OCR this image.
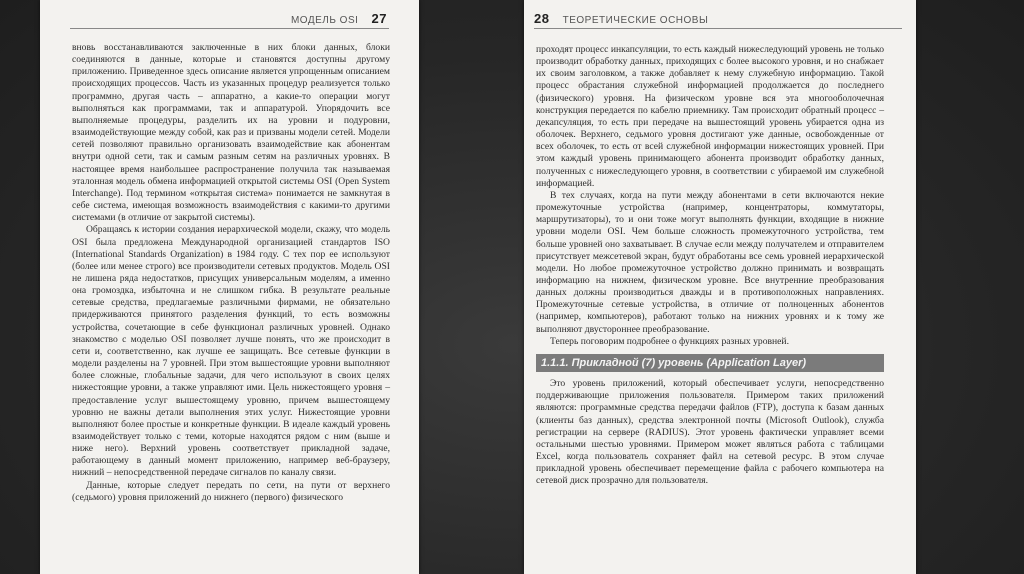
МОДЕЛЬ OSI 27

вновь восстанавливаются заключенные в них блоки данных, блоки соединяются в данные, которые и становятся доступны другому приложению. Приведенное здесь описание является упрощенным описанием происходящих процессов. Часть из указанных процедур реализуется только программно, другая часть – аппаратно, а какие-то операции могут выполняться как программами, так и аппаратурой. Упорядочить все выполняемые процедуры, разделить их на уровни и подуровни, взаимодействующие между собой, как раз и призваны модели сетей. Модели сетей позволяют правильно организовать взаимодействие как абонентам внутри одной сети, так и самым разным сетям на различных уровнях. В настоящее время наибольшее распространение получила так называемая эталонная модель обмена информацией открытой системы OSI (Open System Interchange). Под термином «открытая система» понимается не замкнутая в себе система, имеющая возможность взаимодействия с какими-то другими системами (в отличие от закрытой системы).

Обращаясь к истории создания иерархической модели, скажу, что модель OSI была предложена Международной организацией стандартов ISO (International Standards Organization) в 1984 году. С тех пор ее используют (более или менее строго) все производители сетевых продуктов. Модель OSI не лишена ряда недостатков, присущих универсальным моделям, а именно она громоздка, избыточна и не слишком гибка. В результате реальные сетевые средства, предлагаемые различными фирмами, не обязательно придерживаются принятого разделения функций, то есть возможны устройства, сочетающие в себе функционал различных уровней. Однако знакомство с моделью OSI позволяет лучше понять, что же происходит в сети и, соответственно, как лучше ее защищать. Все сетевые функции в модели разделены на 7 уровней. При этом вышестоящие уровни выполняют более сложные, глобальные задачи, для чего используют в своих целях нижестоящие уровни, а также управляют ими. Цель нижестоящего уровня – предоставление услуг вышестоящему уровню, причем вышестоящему уровню не важны детали выполнения этих услуг. Нижестоящие уровни выполняют более простые и конкретные функции. В идеале каждый уровень взаимодействует только с теми, которые находятся рядом с ним (выше и ниже него). Верхний уровень соответствует прикладной задаче, работающему в данный момент приложению, например веб-браузеру, нижний – непосредственной передаче сигналов по каналу связи.

Данные, которые следует передать по сети, на пути от верхнего (седьмого) уровня приложений до нижнего (первого) физического

28 ТЕОРЕТИЧЕСКИЕ ОСНОВЫ

проходят процесс инкапсуляции, то есть каждый нижеследующий уровень не только производит обработку данных, приходящих с более высокого уровня, и но снабжает их своим заголовком, а также добавляет к нему служебную информацию. Такой процесс обрастания служебной информацией продолжается до последнего (физического) уровня. На физическом уровне вся эта многооболочечная конструкция передается по кабелю приемнику. Там происходит обратный процесс – декапсуляция, то есть при передаче на вышестоящий уровень убирается одна из оболочек. Верхнего, седьмого уровня достигают уже данные, освобожденные от всех оболочек, то есть от всей служебной информации нижестоящих уровней. При этом каждый уровень принимающего абонента производит обработку данных, полученных с нижеследующего уровня, в соответствии с убираемой им служебной информацией.

В тех случаях, когда на пути между абонентами в сети включаются некие промежуточные устройства (например, концентраторы, коммутаторы, маршрутизаторы), то и они тоже могут выполнять функции, входящие в нижние уровни модели OSI. Чем больше сложность промежуточного устройства, тем больше уровней оно захватывает. В случае если между получателем и отправителем присутствует межсетевой экран, будут обработаны все семь уровней иерархической модели. Но любое промежуточное устройство должно принимать и возвращать информацию на нижнем, физическом уровне. Все внутренние преобразования данных должны производиться дважды и в противоположных направлениях. Промежуточные сетевые устройства, в отличие от полноценных абонентов (например, компьютеров), работают только на нижних уровнях и к тому же выполняют двустороннее преобразование.

Теперь поговорим подробнее о функциях разных уровней.

1.1.1. Прикладной (7) уровень (Application Layer)

Это уровень приложений, который обеспечивает услуги, непосредственно поддерживающие приложения пользователя. Примером таких приложений являются: программные средства передачи файлов (FTP), доступа к базам данных (клиенты баз данных), средства электронной почты (Microsoft Outlook), служба регистрации на сервере (RADIUS). Этот уровень фактически управляет всеми остальными шестью уровнями. Примером может являться работа с таблицами Excel, когда пользователь сохраняет файл на сетевой ресурс. В этом случае прикладной уровень обеспечивает перемещение файла с рабочего компьютера на сетевой диск прозрачно для пользователя.
